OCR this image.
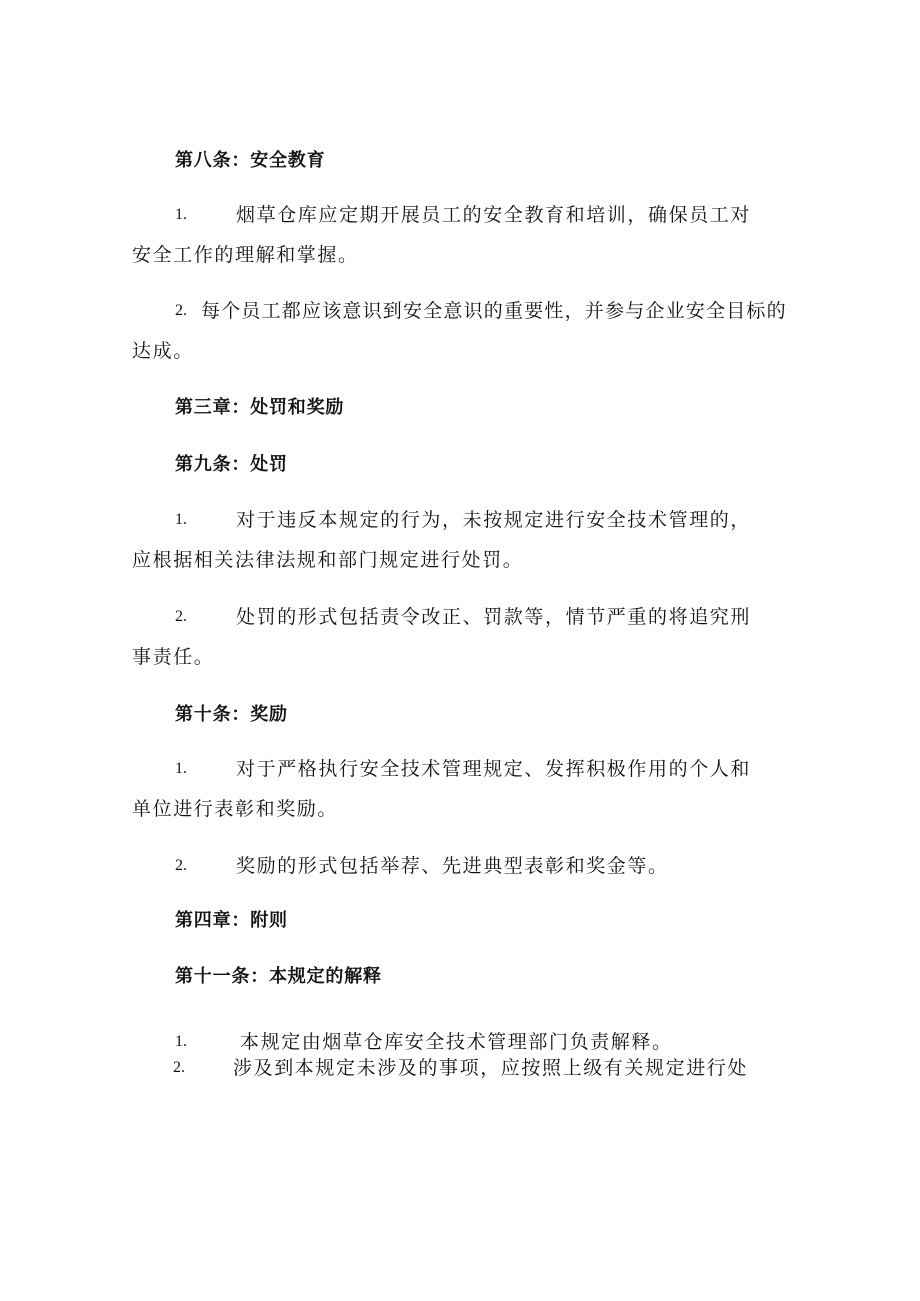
第八条：安全教育
1.	烟草仓库应定期开展员工的安全教育和培训，确保员工对
安全工作的理解和掌握。
2. 每个员工都应该意识到安全意识的重要性，并参与企业安全目标的
达成。
第三章：处罚和奖励
第九条：处罚
1.	对于违反本规定的行为，未按规定进行安全技术管理的，
应根据相关法律法规和部门规定进行处罚。
2.	处罚的形式包括责令改正、罚款等，情节严重的将追究刑
事责任。
第十条：奖励
1.	对于严格执行安全技术管理规定、发挥积极作用的个人和
单位进行表彰和奖励。
2.	奖励的形式包括举荐、先进典型表彰和奖金等。
第四章：附则
第十一条：本规定的解释
1.	本规定由烟草仓库安全技术管理部门负责解释。
2.	涉及到本规定未涉及的事项，应按照上级有关规定进行处
